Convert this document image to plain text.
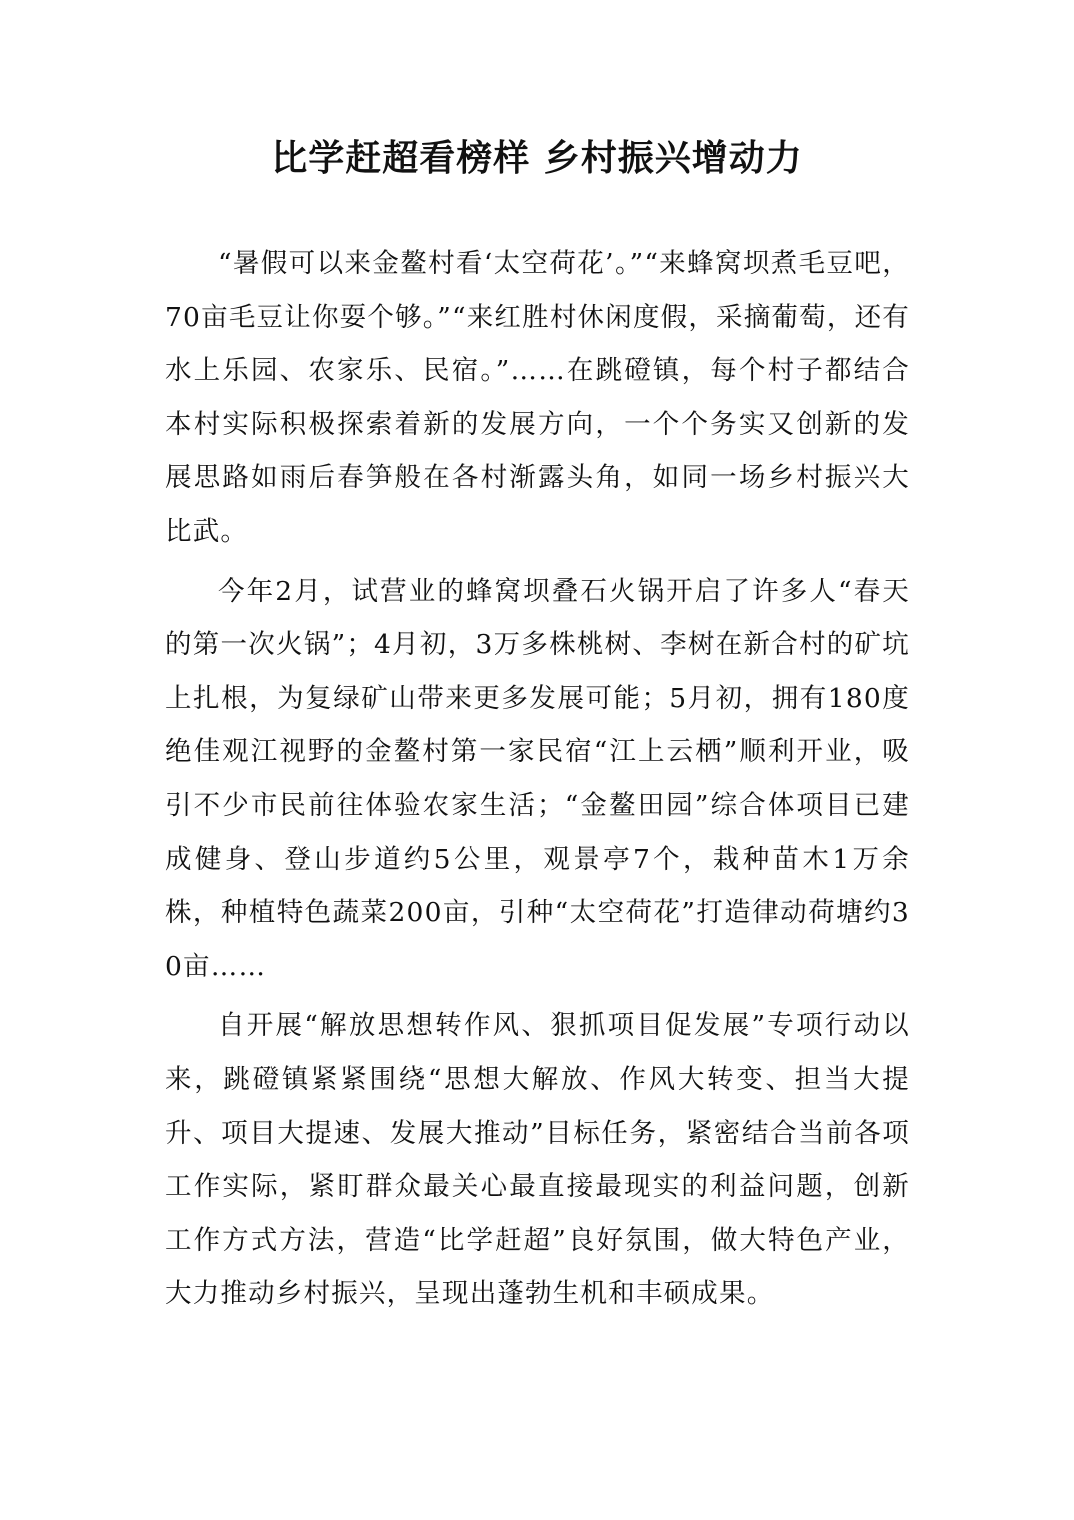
比学赶超看榜样 乡村振兴增动力

“暑假可以来金鳌村看‘太空荷花’。”“来蜂窝坝煮毛豆吧，70亩毛豆让你耍个够。”“来红胜村休闲度假，采摘葡萄，还有水上乐园、农家乐、民宿。”……在跳磴镇，每个村子都结合本村实际积极探索着新的发展方向，一个个务实又创新的发展思路如雨后春笋般在各村渐露头角，如同一场乡村振兴大比武。

今年2月，试营业的蜂窝坝叠石火锅开启了许多人“春天的第一次火锅”；4月初，3万多株桃树、李树在新合村的矿坑上扎根，为复绿矿山带来更多发展可能；5月初，拥有180度绝佳观江视野的金鳌村第一家民宿“江上云栖”顺利开业，吸引不少市民前往体验农家生活；“金鳌田园”综合体项目已建成健身、登山步道约5公里，观景亭7个，栽种苗木1万余株，种植特色蔬菜200亩，引种“太空荷花”打造律动荷塘约30亩……

自开展“解放思想转作风、狠抓项目促发展”专项行动以来，跳磴镇紧紧围绕“思想大解放、作风大转变、担当大提升、项目大提速、发展大推动”目标任务，紧密结合当前各项工作实际，紧盯群众最关心最直接最现实的利益问题，创新工作方式方法，营造“比学赶超”良好氛围，做大特色产业，大力推动乡村振兴，呈现出蓬勃生机和丰硕成果。
